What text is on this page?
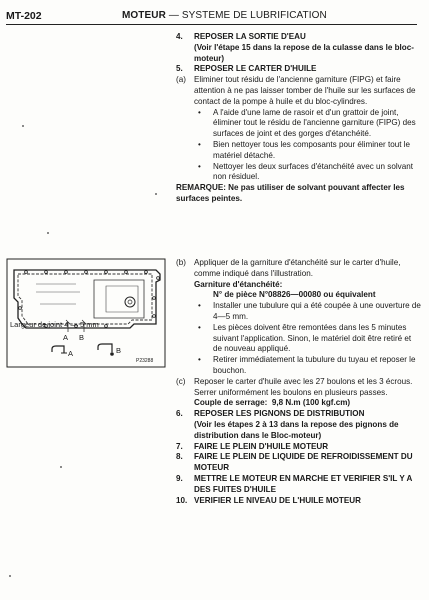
MT-202	MOTEUR — SYSTEME DE LUBRIFICATION
4. REPOSER LA SORTIE D'EAU
(Voir l'étape 15 dans la repose de la culasse dans le bloc-moteur)
5. REPOSER LE CARTER D'HUILE
(a) Eliminer tout résidu de l'ancienne garniture (FIPG) et faire attention à ne pas laisser tomber de l'huile sur les surfaces de contact de la pompe à huile et du bloc-cylindres.
• A l'aide d'une lame de rasoir et d'un grattoir de joint, éliminer tout le résidu de l'ancienne garniture (FIPG) des surfaces de joint et des gorges d'étanchéité.
• Bien nettoyer tous les composants pour éliminer tout le matériel détaché.
• Nettoyer les deux surfaces d'étanchéité avec un solvant non résiduel.
REMARQUE: Ne pas utiliser de solvant pouvant affecter les surfaces peintes.
Largeur de joint 4 — 5 mm
A B
A	B
P23288
(b) Appliquer de la garniture d'étanchéité sur le carter d'huile, comme indiqué dans l'illustration.
Garniture d'étanchéité:
N° de pièce N°08826—00080 ou équivalent
• Installer une tubulure qui a été coupée à une ouverture de 4—5 mm.
• Les pièces doivent être remontées dans les 5 minutes suivant l'application. Sinon, le matériel doit être retiré et de nouveau appliqué.
• Retirer immédiatement la tubulure du tuyau et reposer le bouchon.
(c) Reposer le carter d'huile avec les 27 boulons et les 3 écrous. Serrer uniformément les boulons en plusieurs passes.
Couple de serrage: 9,8 N.m (100 kgf.cm)
6. REPOSER LES PIGNONS DE DISTRIBUTION
(Voir les étapes 2 à 13 dans la repose des pignons de distribution dans le Bloc-moteur)
7. FAIRE LE PLEIN D'HUILE MOTEUR
8. FAIRE LE PLEIN DE LIQUIDE DE REFROIDISSEMENT DU MOTEUR
9. METTRE LE MOTEUR EN MARCHE ET VERIFIER S'IL Y A DES FUITES D'HUILE
10. VERIFIER LE NIVEAU DE L'HUILE MOTEUR
